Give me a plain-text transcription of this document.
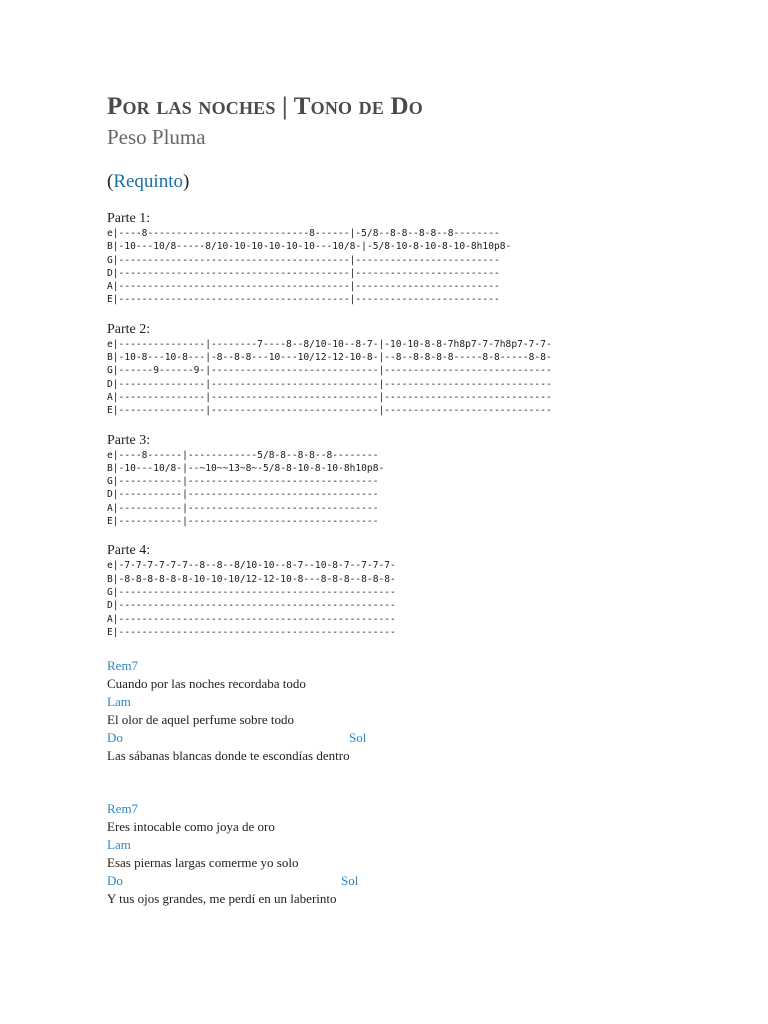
Por las noches | Tono de Do
Peso Pluma
(Requinto)
Parte 1:
e|----8----------------------------8------|-5/8--8-8--8-8--8--------
B|-10---10/8-----8/10-10-10-10-10-10---10/8-|-5/8-10-8-10-8-10-8h10p8-
G|----------------------------------------|-------------------------
D|----------------------------------------|-------------------------
A|----------------------------------------|-------------------------
E|----------------------------------------|-------------------------
Parte 2:
e|---------------|--------7----8--8/10-10--8-7-|-10-10-8-8-7h8p7-7-7h8p7-7-7-
B|-10-8---10-8---|-8--8-8---10---10/12-12-10-8-|--8--8-8-8-8-----8-8-----8-8-
G|------9------9-|-----------------------------|-----------------------------
D|---------------|-----------------------------|-----------------------------
A|---------------|-----------------------------|-----------------------------
E|---------------|-----------------------------|-----------------------------
Parte 3:
e|----8------|------------5/8-8--8-8--8--------
B|-10---10/8-|--~10~~13~8~-5/8-8-10-8-10-8h10p8-
G|-----------|---------------------------------
D|-----------|---------------------------------
A|-----------|---------------------------------
E|-----------|---------------------------------
Parte 4:
e|-7-7-7-7-7-7--8--8--8/10-10--8-7--10-8-7--7-7-7-
B|-8-8-8-8-8-8-10-10-10/12-12-10-8---8-8-8--8-8-8-
G|------------------------------------------------
D|------------------------------------------------
A|------------------------------------------------
E|------------------------------------------------
Rem7
Cuando por las noches recordaba todo
Lam
El olor de aquel perfume sobre todo
Do	Sol
Las sábanas blancas donde te escondías dentro
Rem7
Eres intocable como joya de oro
Lam
Esas piernas largas comerme yo solo
Do	Sol
Y tus ojos grandes, me perdí en un laberinto
